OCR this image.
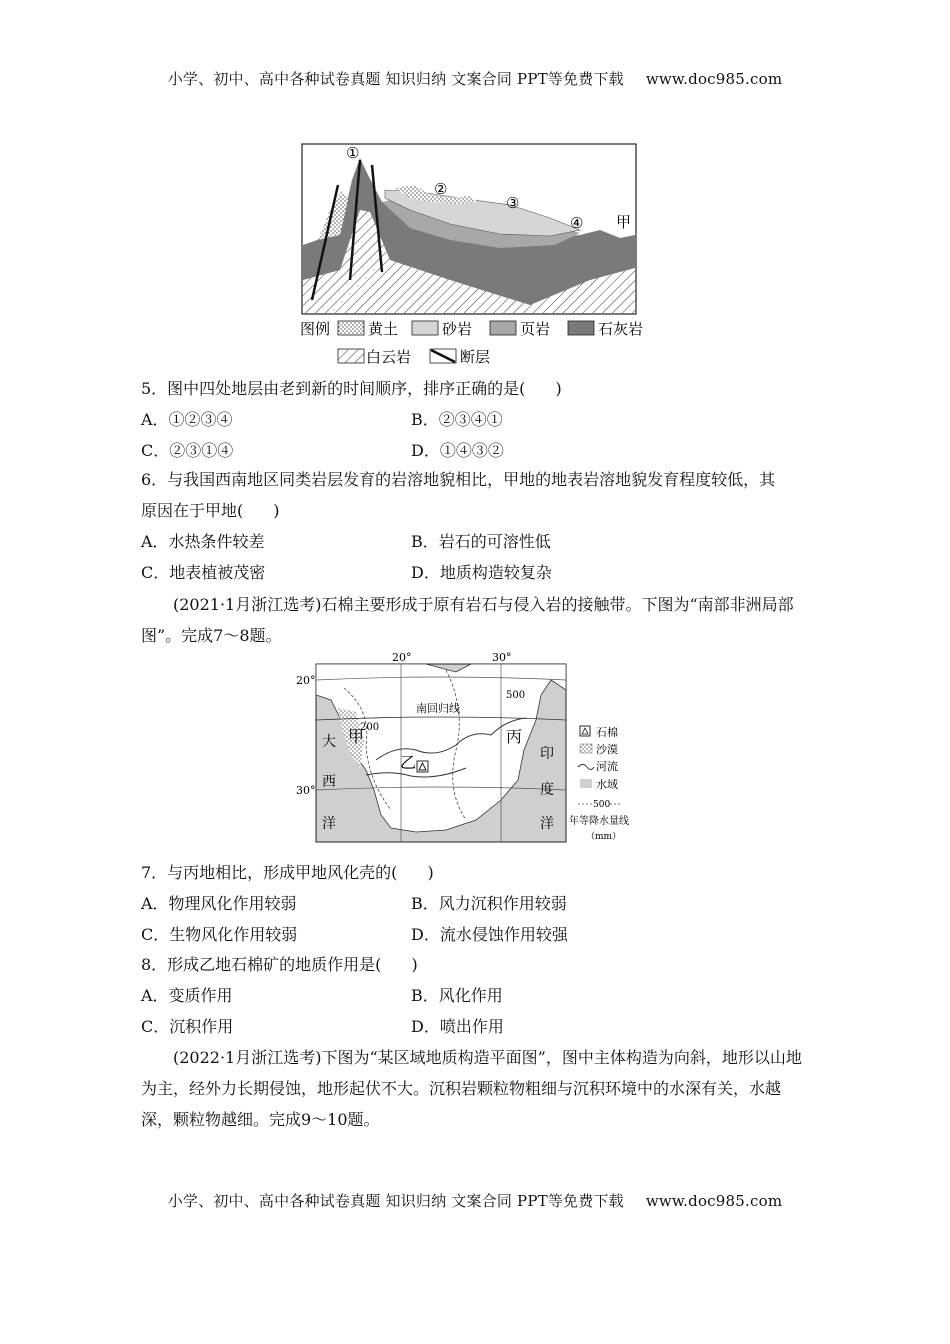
小学、初中、高中各种试卷真题 知识归纳 文案合同 PPT等免费下载 www.doc985.com
①
②
③
④ 甲
图例	黄土	砂岩	页岩	石灰岩
白云岩	断层
5．图中四处地层由老到新的时间顺序，排序正确的是( )
A．①②③④	B．②③④①
C．②③①④	D．①④③②
6．与我国西南地区同类岩层发育的岩溶地貌相比，甲地的地表岩溶地貌发育程度较低，其
原因在于甲地( )
A．水热条件较差	B．岩石的可溶性低
C．地表植被茂密	D．地质构造较复杂
(2021·1月浙江选考)石棉主要形成于原有岩石与侵入岩的接触带。下图为“南部非洲局部图”。完成7～8题。
20°	30°
20°
30°
南回归线
200
500
甲
乙
丙
大
西
洋
印
度
洋
石棉
沙漠
河流
水域
500
年等降水量线
（mm）
7．与丙地相比，形成甲地风化壳的( )
A．物理风化作用较弱	B．风力沉积作用较弱
C．生物风化作用较弱	D．流水侵蚀作用较强
8．形成乙地石棉矿的地质作用是( )
A．变质作用	B．风化作用
C．沉积作用	D．喷出作用
(2022·1月浙江选考)下图为“某区域地质构造平面图”，图中主体构造为向斜，地形以山地为主，经外力长期侵蚀，地形起伏不大。沉积岩颗粒物粗细与沉积环境中的水深有关，水越深，颗粒物越细。完成9～10题。
小学、初中、高中各种试卷真题 知识归纳 文案合同 PPT等免费下载 www.doc985.com
